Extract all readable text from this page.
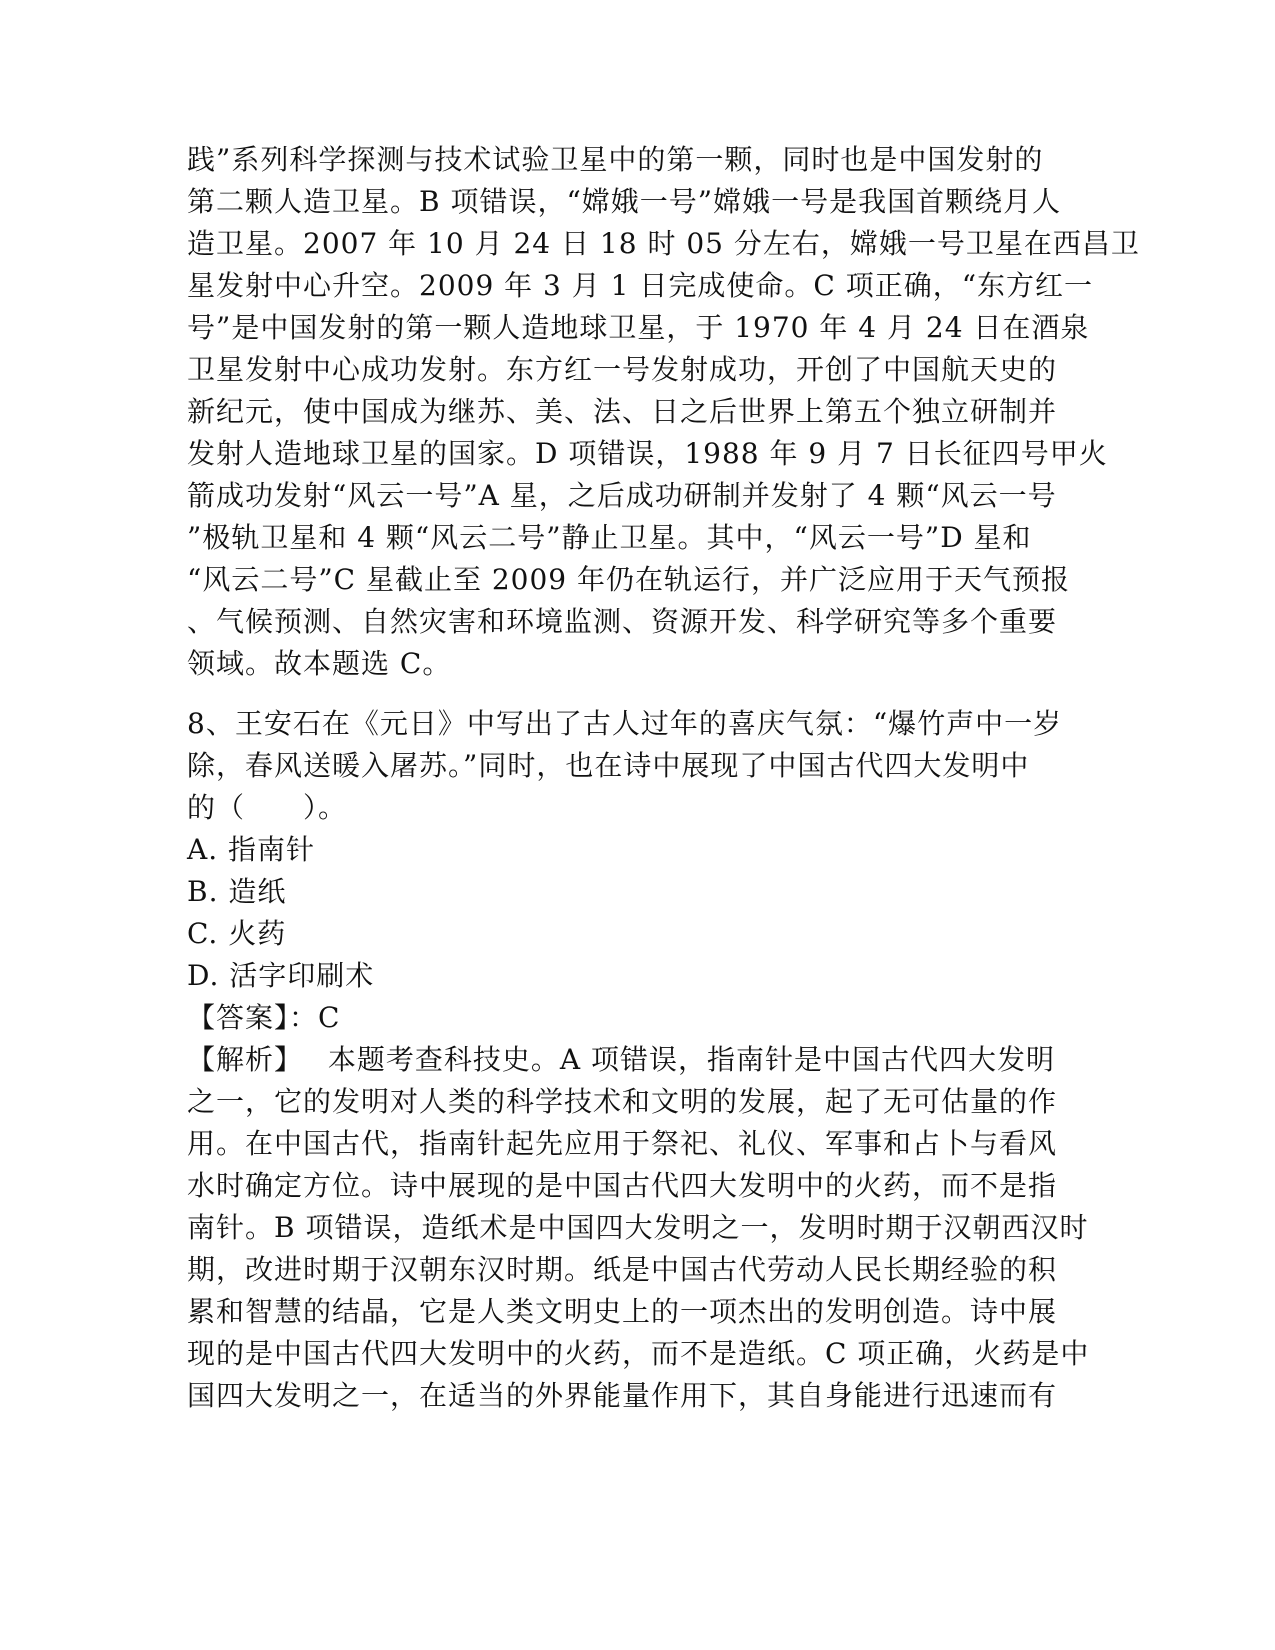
践”系列科学探测与技术试验卫星中的第一颗，同时也是中国发射的
第二颗人造卫星。B 项错误，“嫦娥一号”嫦娥一号是我国首颗绕月人
造卫星。2007 年 10 月 24 日 18 时 05 分左右，嫦娥一号卫星在西昌卫
星发射中心升空。2009 年 3 月 1 日完成使命。C 项正确，“东方红一
号”是中国发射的第一颗人造地球卫星，于 1970 年 4 月 24 日在酒泉
卫星发射中心成功发射。东方红一号发射成功，开创了中国航天史的
新纪元，使中国成为继苏、美、法、日之后世界上第五个独立研制并
发射人造地球卫星的国家。D 项错误，1988 年 9 月 7 日长征四号甲火
箭成功发射“风云一号”A 星，之后成功研制并发射了 4 颗“风云一号
”极轨卫星和 4 颗“风云二号”静止卫星。其中，“风云一号”D 星和
“风云二号”C 星截止至 2009 年仍在轨运行，并广泛应用于天气预报
、气候预测、自然灾害和环境监测、资源开发、科学研究等多个重要
领域。故本题选 C。
8、王安石在《元日》中写出了古人过年的喜庆气氛：“爆竹声中一岁
除，春风送暖入屠苏。”同时，也在诗中展现了中国古代四大发明中
的（　　）。
A. 指南针
B. 造纸
C. 火药
D. 活字印刷术
【答案】：C
【解析】　 本题考查科技史。A 项错误，指南针是中国古代四大发明
之一，它的发明对人类的科学技术和文明的发展，起了无可估量的作
用。在中国古代，指南针起先应用于祭祀、礼仪、军事和占卜与看风
水时确定方位。诗中展现的是中国古代四大发明中的火药，而不是指
南针。B 项错误，造纸术是中国四大发明之一，发明时期于汉朝西汉时
期，改进时期于汉朝东汉时期。纸是中国古代劳动人民长期经验的积
累和智慧的结晶，它是人类文明史上的一项杰出的发明创造。诗中展
现的是中国古代四大发明中的火药，而不是造纸。C 项正确，火药是中
国四大发明之一，在适当的外界能量作用下，其自身能进行迅速而有
